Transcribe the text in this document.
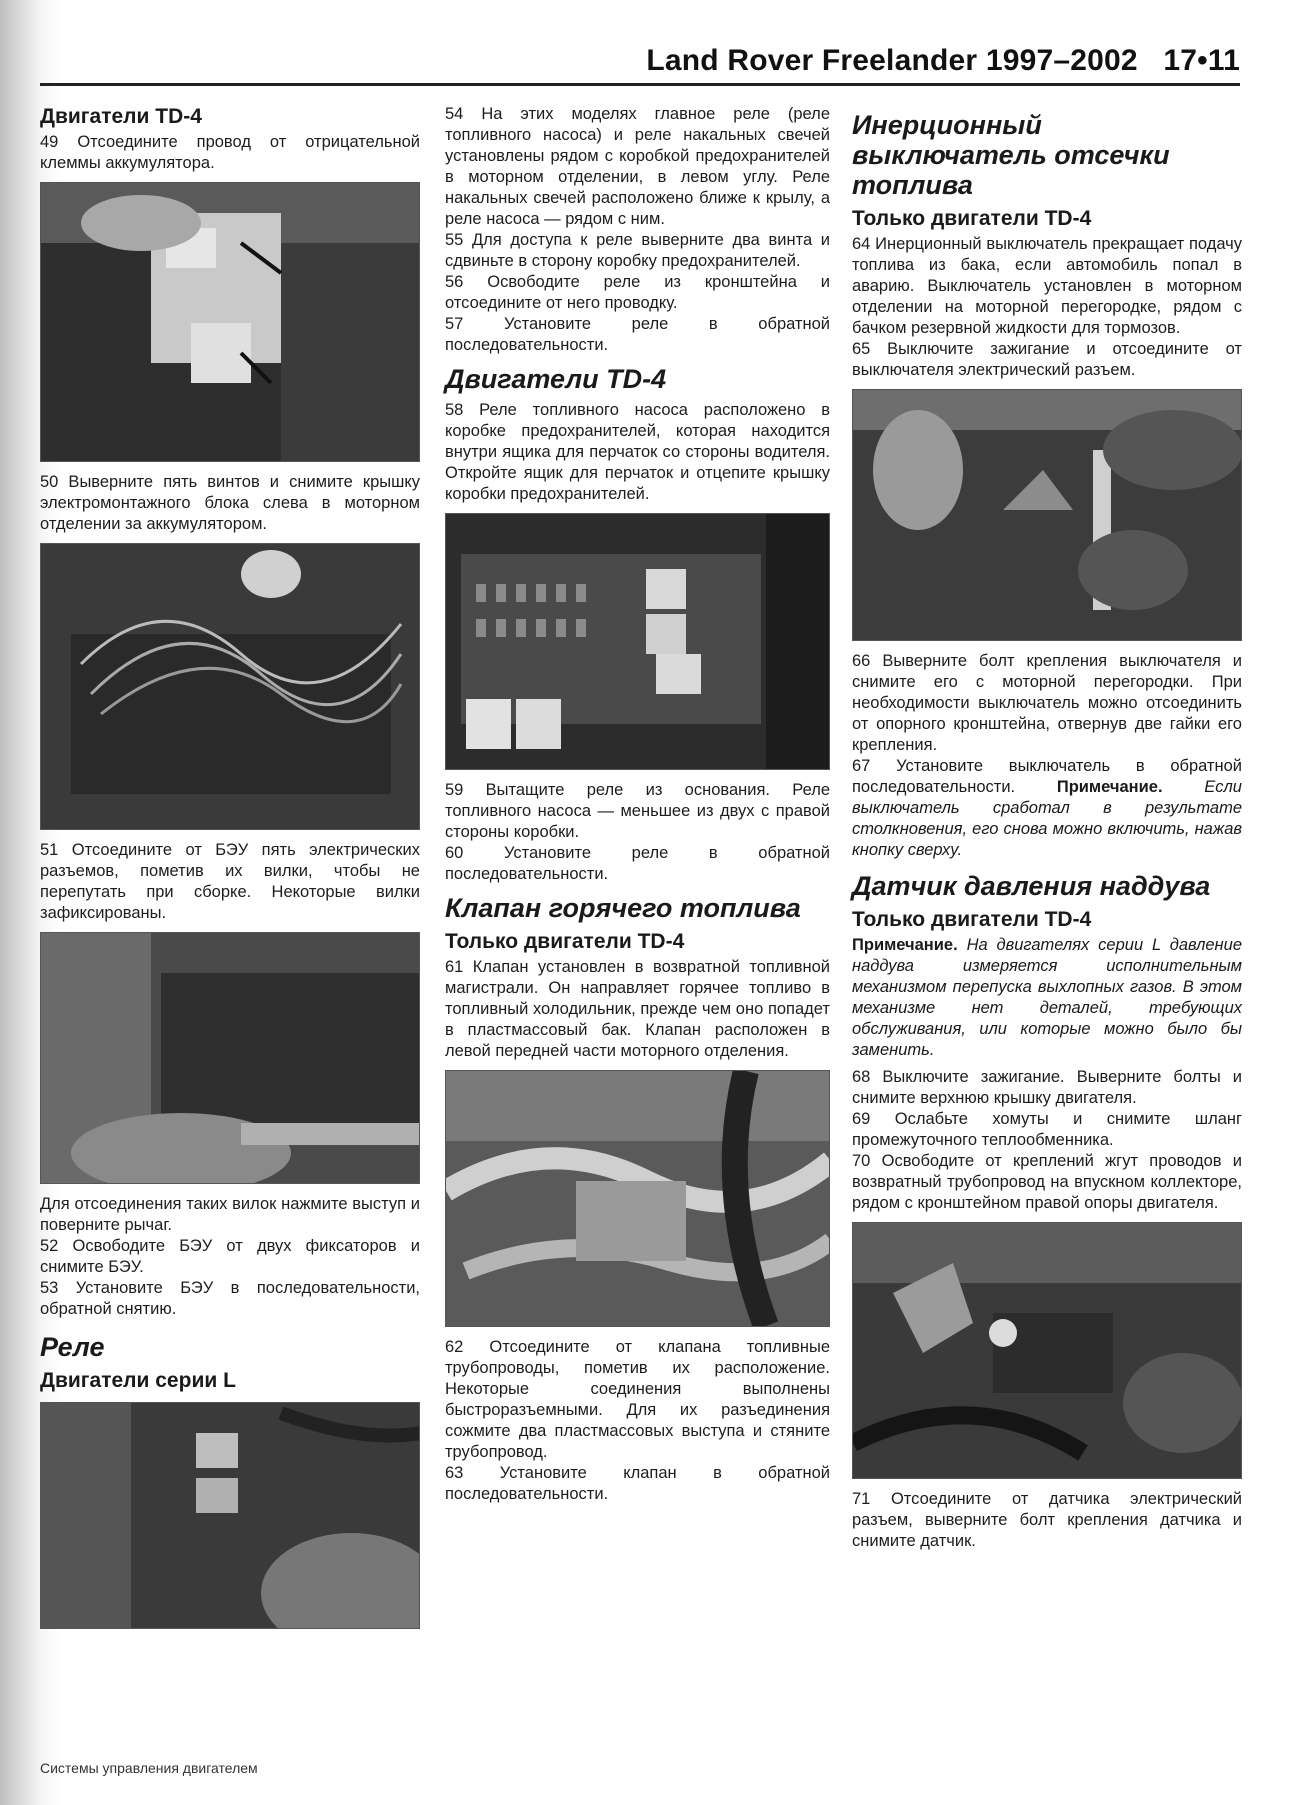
Land Rover Freelander 1997–2002 17•11
Двигатели TD-4

49 Отсоедините провод от отрицательной клеммы аккумулятора.

50 Выверните пять винтов и снимите крышку электромонтажного блока слева в моторном отделении за аккумулятором.

51 Отсоедините от БЭУ пять электрических разъемов, пометив их вилки, чтобы не перепутать при сборке. Некоторые вилки зафиксированы.

Для отсоединения таких вилок нажмите выступ и поверните рычаг.

52 Освободите БЭУ от двух фиксаторов и снимите БЭУ.

53 Установите БЭУ в последовательности, обратной снятию.

Реле
Двигатели серии L

54 На этих моделях главное реле (реле топливного насоса) и реле накальных свечей установлены рядом с коробкой предохранителей в моторном отделении, в левом углу. Реле накальных свечей расположено ближе к крылу, а реле насоса — рядом с ним.

55 Для доступа к реле выверните два винта и сдвиньте в сторону коробку предохранителей.

56 Освободите реле из кронштейна и отсоедините от него проводку.

57 Установите реле в обратной последовательности.

Двигатели TD-4

58 Реле топливного насоса расположено в коробке предохранителей, которая находится внутри ящика для перчаток со стороны водителя. Откройте ящик для перчаток и отцепите крышку коробки предохранителей.

59 Вытащите реле из основания. Реле топливного насоса — меньшее из двух с правой стороны коробки.

60 Установите реле в обратной последовательности.

Клапан горячего топлива
Только двигатели TD-4

61 Клапан установлен в возвратной топливной магистрали. Он направляет горячее топливо в топливный холодильник, прежде чем оно попадет в пластмассовый бак. Клапан расположен в левой передней части моторного отделения.

62 Отсоедините от клапана топливные трубопроводы, пометив их расположение. Некоторые соединения выполнены быстроразъемными. Для их разъединения сожмите два пластмассовых выступа и стяните трубопровод.

63 Установите клапан в обратной последовательности.

Инерционный выключатель отсечки топлива
Только двигатели TD-4

64 Инерционный выключатель прекращает подачу топлива из бака, если автомобиль попал в аварию. Выключатель установлен в моторном отделении на моторной перегородке, рядом с бачком резервной жидкости для тормозов.

65 Выключите зажигание и отсоедините от выключателя электрический разъем.

66 Выверните болт крепления выключателя и снимите его с моторной перегородки. При необходимости выключатель можно отсоединить от опорного кронштейна, отвернув две гайки его крепления.

67 Установите выключатель в обратной последовательности.	Примечание.	Если выключатель сработал в результате столкновения, его снова можно включить, нажав кнопку сверху.

Датчик давления наддува
Только двигатели TD-4

Примечание. На двигателях серии L давление наддува измеряется исполнительным механизмом перепуска выхлопных газов. В этом механизме нет деталей, требующих обслуживания, или которые можно было бы заменить.

68 Выключите зажигание. Выверните болты и снимите верхнюю крышку двигателя.

69 Ослабьте хомуты и снимите шланг промежуточного теплообменника.

70 Освободите от креплений жгут проводов и возвратный трубопровод на впускном коллекторе, рядом с кронштейном правой опоры двигателя.

71 Отсоедините от датчика электрический разъем, выверните болт крепления датчика и снимите датчик.

Системы управления двигателем
